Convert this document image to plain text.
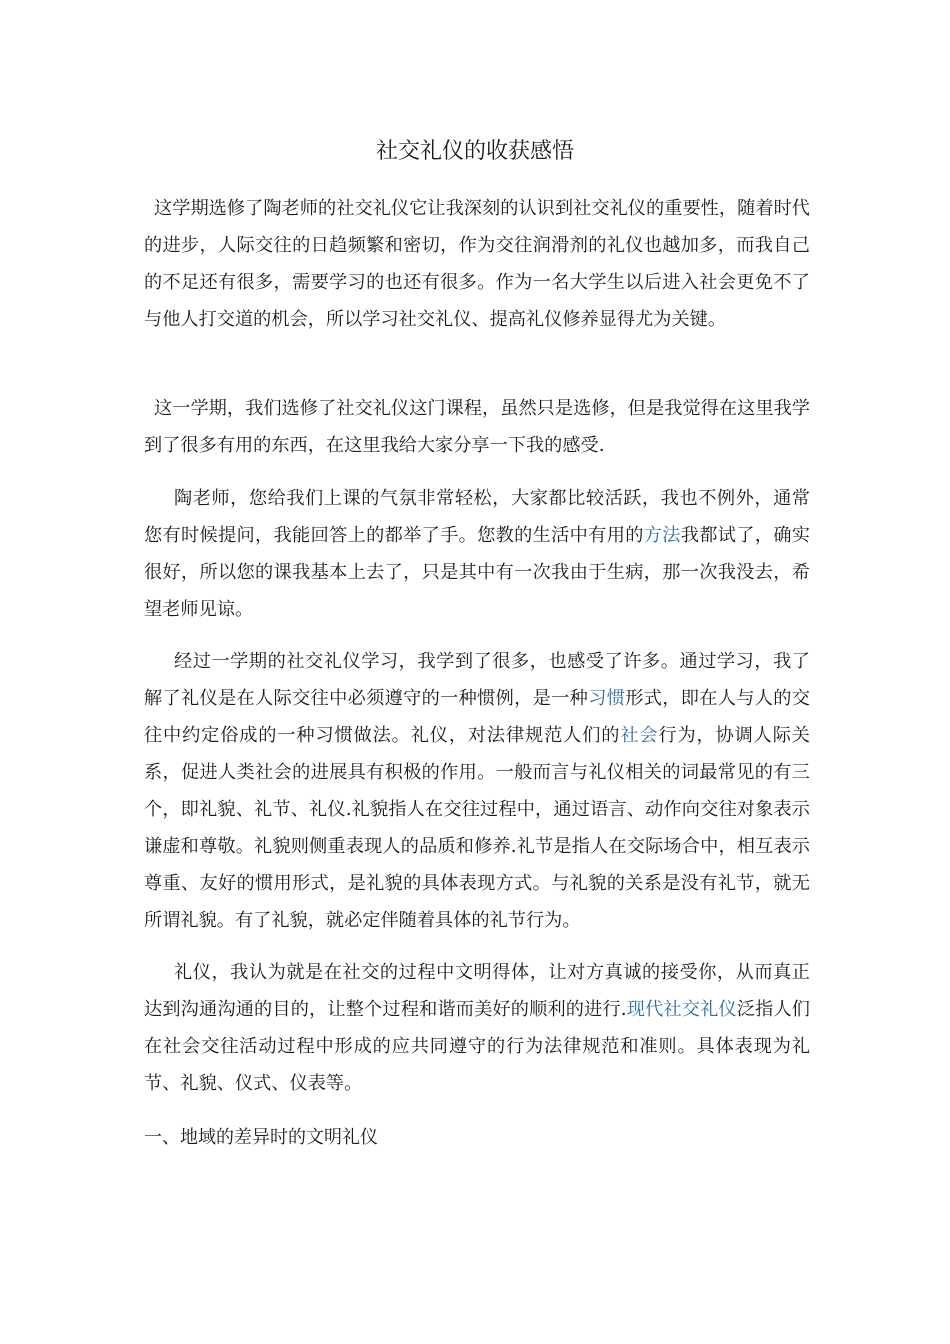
社交礼仪的收获感悟

这学期选修了陶老师的社交礼仪它让我深刻的认识到社交礼仪的重要性，随着时代的进步，人际交往的日趋频繁和密切，作为交往润滑剂的礼仪也越加多，而我自己的不足还有很多，需要学习的也还有很多。作为一名大学生以后进入社会更免不了与他人打交道的机会，所以学习社交礼仪、提高礼仪修养显得尤为关键。

这一学期，我们选修了社交礼仪这门课程，虽然只是选修，但是我觉得在这里我学到了很多有用的东西，在这里我给大家分享一下我的感受.

陶老师，您给我们上课的气氛非常轻松，大家都比较活跃，我也不例外，通常您有时候提问，我能回答上的都举了手。您教的生活中有用的方法我都试了，确实很好，所以您的课我基本上去了，只是其中有一次我由于生病，那一次我没去，希望老师见谅。

经过一学期的社交礼仪学习，我学到了很多，也感受了许多。通过学习，我了解了礼仪是在人际交往中必须遵守的一种惯例，是一种习惯形式，即在人与人的交往中约定俗成的一种习惯做法。礼仪，对法律规范人们的社会行为，协调人际关系，促进人类社会的进展具有积极的作用。一般而言与礼仪相关的词最常见的有三个，即礼貌、礼节、礼仪.礼貌指人在交往过程中，通过语言、动作向交往对象表示谦虚和尊敬。礼貌则侧重表现人的品质和修养.礼节是指人在交际场合中，相互表示尊重、友好的惯用形式，是礼貌的具体表现方式。与礼貌的关系是没有礼节，就无所谓礼貌。有了礼貌，就必定伴随着具体的礼节行为。

礼仪，我认为就是在社交的过程中文明得体，让对方真诚的接受你，从而真正达到沟通沟通的目的，让整个过程和谐而美好的顺利的进行.现代社交礼仪泛指人们在社会交往活动过程中形成的应共同遵守的行为法律规范和准则。具体表现为礼节、礼貌、仪式、仪表等。

一、地域的差异时的文明礼仪
